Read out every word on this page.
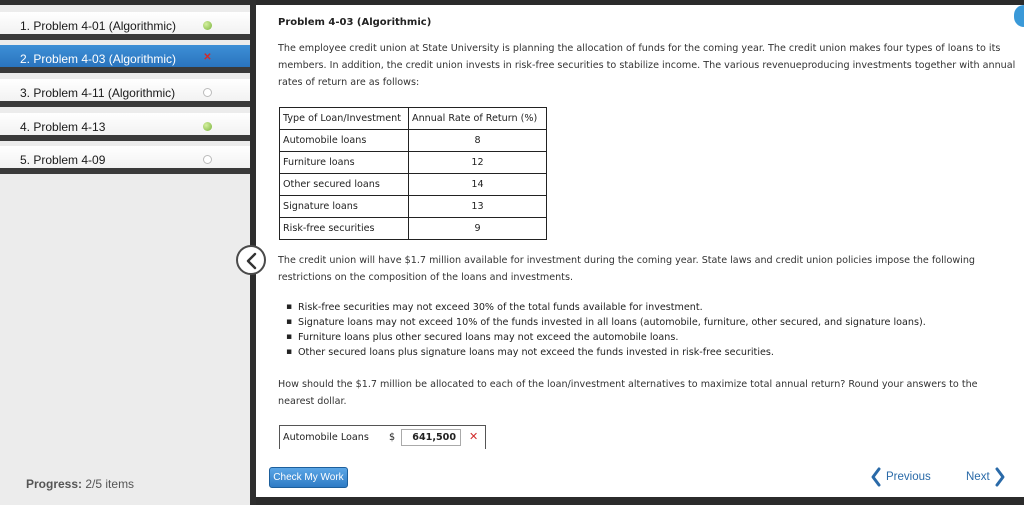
1. Problem 4-01 (Algorithmic)
2. Problem 4-03 (Algorithmic)	✕
3. Problem 4-11 (Algorithmic)
4. Problem 4-13
5. Problem 4-09
Progress: 2/5 items
Problem 4-03 (Algorithmic)
The employee credit union at State University is planning the allocation of funds for the coming year. The credit union makes four types of loans to its members. In addition, the credit union invests in risk-free securities to stabilize income. The various revenueproducing investments together with annual rates of return are as follows:
Type of Loan/Investment	Annual Rate of Return (%)
Automobile loans	8
Furniture loans	12
Other secured loans	14
Signature loans	13
Risk-free securities	9
The credit union will have $1.7 million available for investment during the coming year. State laws and credit union policies impose the following restrictions on the composition of the loans and investments.
▪ Risk-free securities may not exceed 30% of the total funds available for investment.
▪ Signature loans may not exceed 10% of the funds invested in all loans (automobile, furniture, other secured, and signature loans).
▪ Furniture loans plus other secured loans may not exceed the automobile loans.
▪ Other secured loans plus signature loans may not exceed the funds invested in risk-free securities.
How should the $1.7 million be allocated to each of the loan/investment alternatives to maximize total annual return? Round your answers to the nearest dollar.
Automobile Loans $
641,500	✕
Check My Work	Previous	Next
